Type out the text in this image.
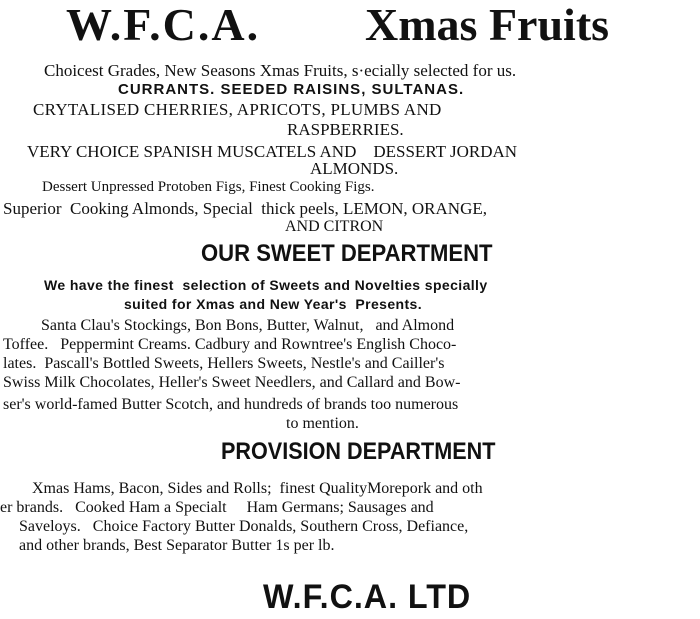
W.F.C.A. Xmas Fruits
Choicest Grades, New Seasons Xmas Fruits, s·ecially selected for us.
CURRANTS. SEEDED RAISINS, SULTANAS.
CRYTALISED CHERRIES, APRICOTS, PLUMBS AND
RASPBERRIES.
VERY CHOICE SPANISH MUSCATELS AND    DESSERT JORDAN
ALMONDS.
Dessert Unpressed Protoben Figs, Finest Cooking Figs.
Superior  Cooking Almonds, Special  thick peels, LEMON, ORANGE,
AND CITRON
OUR SWEET DEPARTMENT
We have the finest  selection of Sweets and Novelties specially
suited for Xmas and New Year's  Presents.
Santa Clau's Stockings, Bon Bons, Butter, Walnut,   and Almond
Toffee.   Peppermint Creams. Cadbury and Rowntree's English Choco-
lates.  Pascall's Bottled Sweets, Hellers Sweets, Nestle's and Cailler's
Swiss Milk Chocolates, Heller's Sweet Needlers, and Callard and Bow-
ser's world-famed Butter Scotch, and hundreds of brands too numerous
to mention.
PROVISION DEPARTMENT
Xmas Hams, Bacon, Sides and Rolls;  finest QualityMorepork and oth
er brands.   Cooked Ham a Specialt     Ham Germans; Sausages and
Saveloys.   Choice Factory Butter Donalds, Southern Cross, Defiance,
and other brands, Best Separator Butter 1s per lb.
W.F.C.A. LTD
